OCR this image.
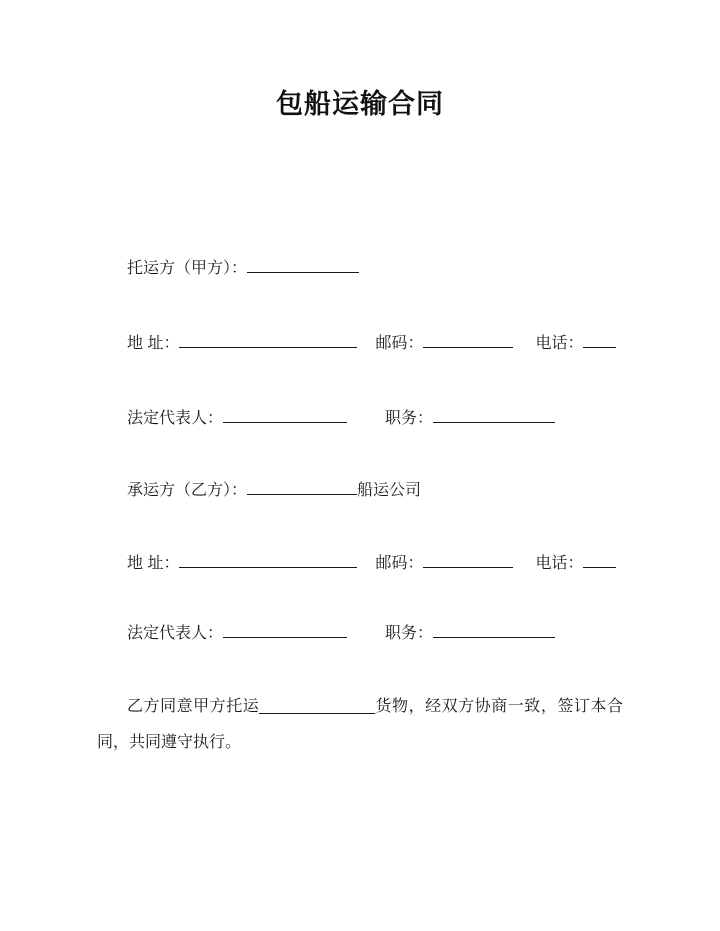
包船运输合同
托运方（甲方）：
地 址：	邮码：	电话：
法定代表人：	职务：
承运方（乙方）：	船运公司
地 址：	邮码：	电话：
法定代表人：	职务：
乙方同意甲方托运_____________货物，经双方协商一致，签订本合同，共同遵守执行。
